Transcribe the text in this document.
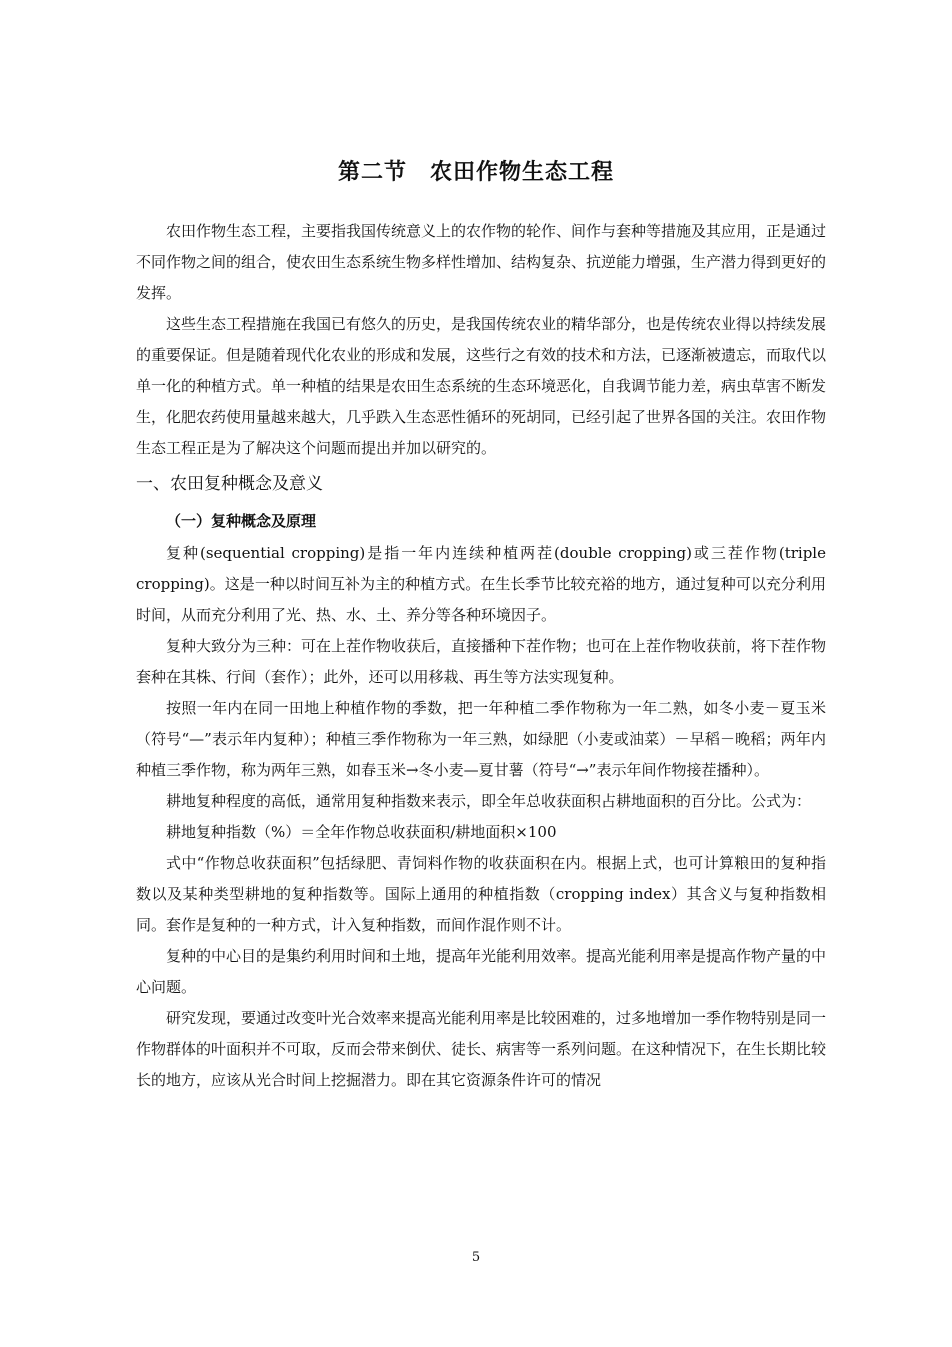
第二节　农田作物生态工程

农田作物生态工程，主要指我国传统意义上的农作物的轮作、间作与套种等措施及其应用，正是通过不同作物之间的组合，使农田生态系统生物多样性增加、结构复杂、抗逆能力增强，生产潜力得到更好的发挥。

这些生态工程措施在我国已有悠久的历史，是我国传统农业的精华部分，也是传统农业得以持续发展的重要保证。但是随着现代化农业的形成和发展，这些行之有效的技术和方法，已逐渐被遗忘，而取代以单一化的种植方式。单一种植的结果是农田生态系统的生态环境恶化，自我调节能力差，病虫草害不断发生，化肥农药使用量越来越大，几乎跌入生态恶性循环的死胡同，已经引起了世界各国的关注。农田作物生态工程正是为了解决这个问题而提出并加以研究的。

一、农田复种概念及意义
（一）复种概念及原理

复种(sequential cropping)是指一年内连续种植两茬(double cropping)或三茬作物(triple cropping)。这是一种以时间互补为主的种植方式。在生长季节比较充裕的地方，通过复种可以充分利用时间，从而充分利用了光、热、水、土、养分等各种环境因子。

复种大致分为三种：可在上茬作物收获后，直接播种下茬作物；也可在上茬作物收获前，将下茬作物套种在其株、行间（套作）；此外，还可以用移栽、再生等方法实现复种。

按照一年内在同一田地上种植作物的季数，把一年种植二季作物称为一年二熟，如冬小麦－夏玉米（符号“—”表示年内复种）；种植三季作物称为一年三熟，如绿肥（小麦或油菜）－早稻－晚稻；两年内种植三季作物，称为两年三熟，如春玉米→冬小麦—夏甘薯（符号“→”表示年间作物接茬播种）。

耕地复种程度的高低，通常用复种指数来表示，即全年总收获面积占耕地面积的百分比。公式为：

耕地复种指数（%）＝全年作物总收获面积/耕地面积×100

式中“作物总收获面积”包括绿肥、青饲料作物的收获面积在内。根据上式，也可计算粮田的复种指数以及某种类型耕地的复种指数等。国际上通用的种植指数（cropping index）其含义与复种指数相同。套作是复种的一种方式，计入复种指数，而间作混作则不计。

复种的中心目的是集约利用时间和土地，提高年光能利用效率。提高光能利用率是提高作物产量的中心问题。

研究发现，要通过改变叶光合效率来提高光能利用率是比较困难的，过多地增加一季作物特别是同一作物群体的叶面积并不可取，反而会带来倒伏、徒长、病害等一系列问题。在这种情况下，在生长期比较长的地方，应该从光合时间上挖掘潜力。即在其它资源条件许可的情况

5
